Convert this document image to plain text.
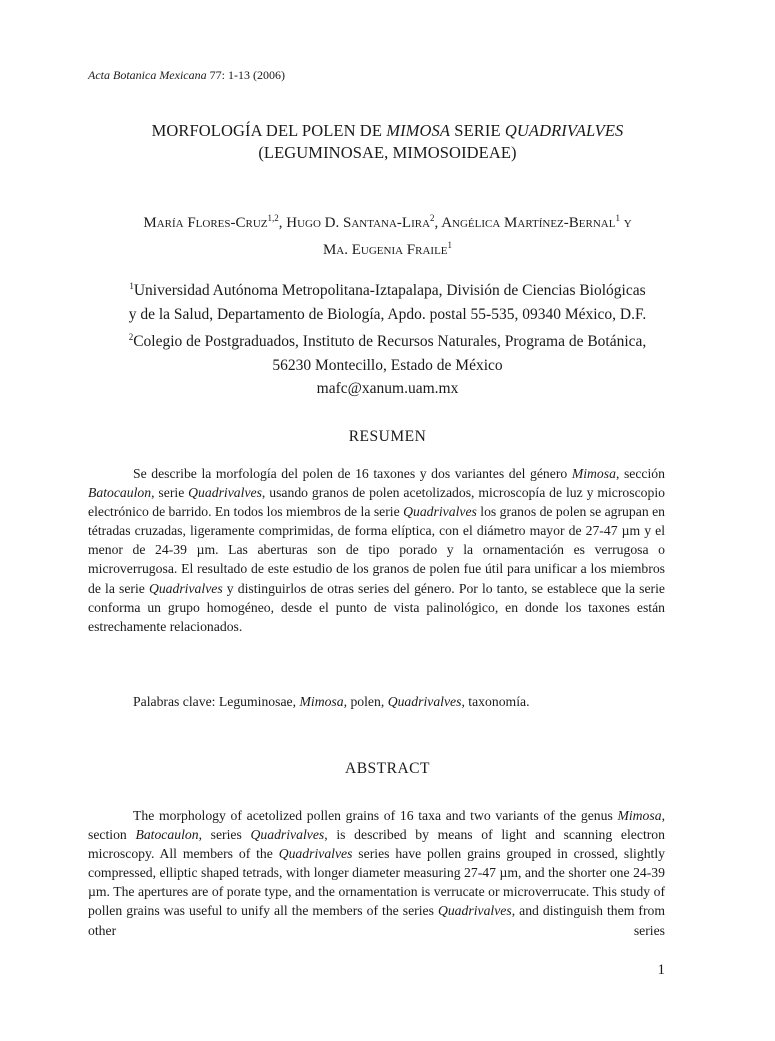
Acta Botanica Mexicana 77: 1-13 (2006)
MORFOLOGÍA DEL POLEN DE MIMOSA SERIE QUADRIVALVES
(LEGUMINOSAE, MIMOSOIDEAE)
María Flores-Cruz$^{1,2}$, Hugo D. Santana-Lira$^2$, Angélica Martínez-Bernal$^1$ y
Ma. Eugenia Fraile$^1$
$^1$Universidad Autónoma Metropolitana-Iztapalapa, División de Ciencias Biológicas
y de la Salud, Departamento de Biología, Apdo. postal 55-535, 09340 México, D.F.
$^2$Colegio de Postgraduados, Instituto de Recursos Naturales, Programa de Botánica,
56230 Montecillo, Estado de México
mafc@xanum.uam.mx
RESUMEN

Se describe la morfología del polen de 16 taxones y dos variantes del género Mimosa, sección Batocaulon, serie Quadrivalves, usando granos de polen acetolizados, microscopía de luz y microscopio electrónico de barrido. En todos los miembros de la serie Quadrivalves los granos de polen se agrupan en tétradas cruzadas, ligeramente comprimidas, de forma elíptica, con el diámetro mayor de 27-47 µm y el menor de 24-39 µm. Las aberturas son de tipo porado y la ornamentación es verrugosa o microverrugosa. El resultado de este estudio de los granos de polen fue útil para unificar a los miembros de la serie Quadrivalves y distinguirlos de otras series del género. Por lo tanto, se establece que la serie conforma un grupo homogéneo, desde el punto de vista palinológico, en donde los taxones están estrechamente relacionados.

Palabras clave: Leguminosae, Mimosa, polen, Quadrivalves, taxonomía.
ABSTRACT

The morphology of acetolized pollen grains of 16 taxa and two variants of the genus Mimosa, section Batocaulon, series Quadrivalves, is described by means of light and scanning electron microscopy. All members of the Quadrivalves series have pollen grains grouped in crossed, slightly compressed, elliptic shaped tetrads, with longer diameter measuring 27-47 µm, and the shorter one 24-39 µm. The apertures are of porate type, and the ornamentation is verrucate or microverrucate. This study of pollen grains was useful to unify all the members of the series Quadrivalves, and distinguish them from other series

1
